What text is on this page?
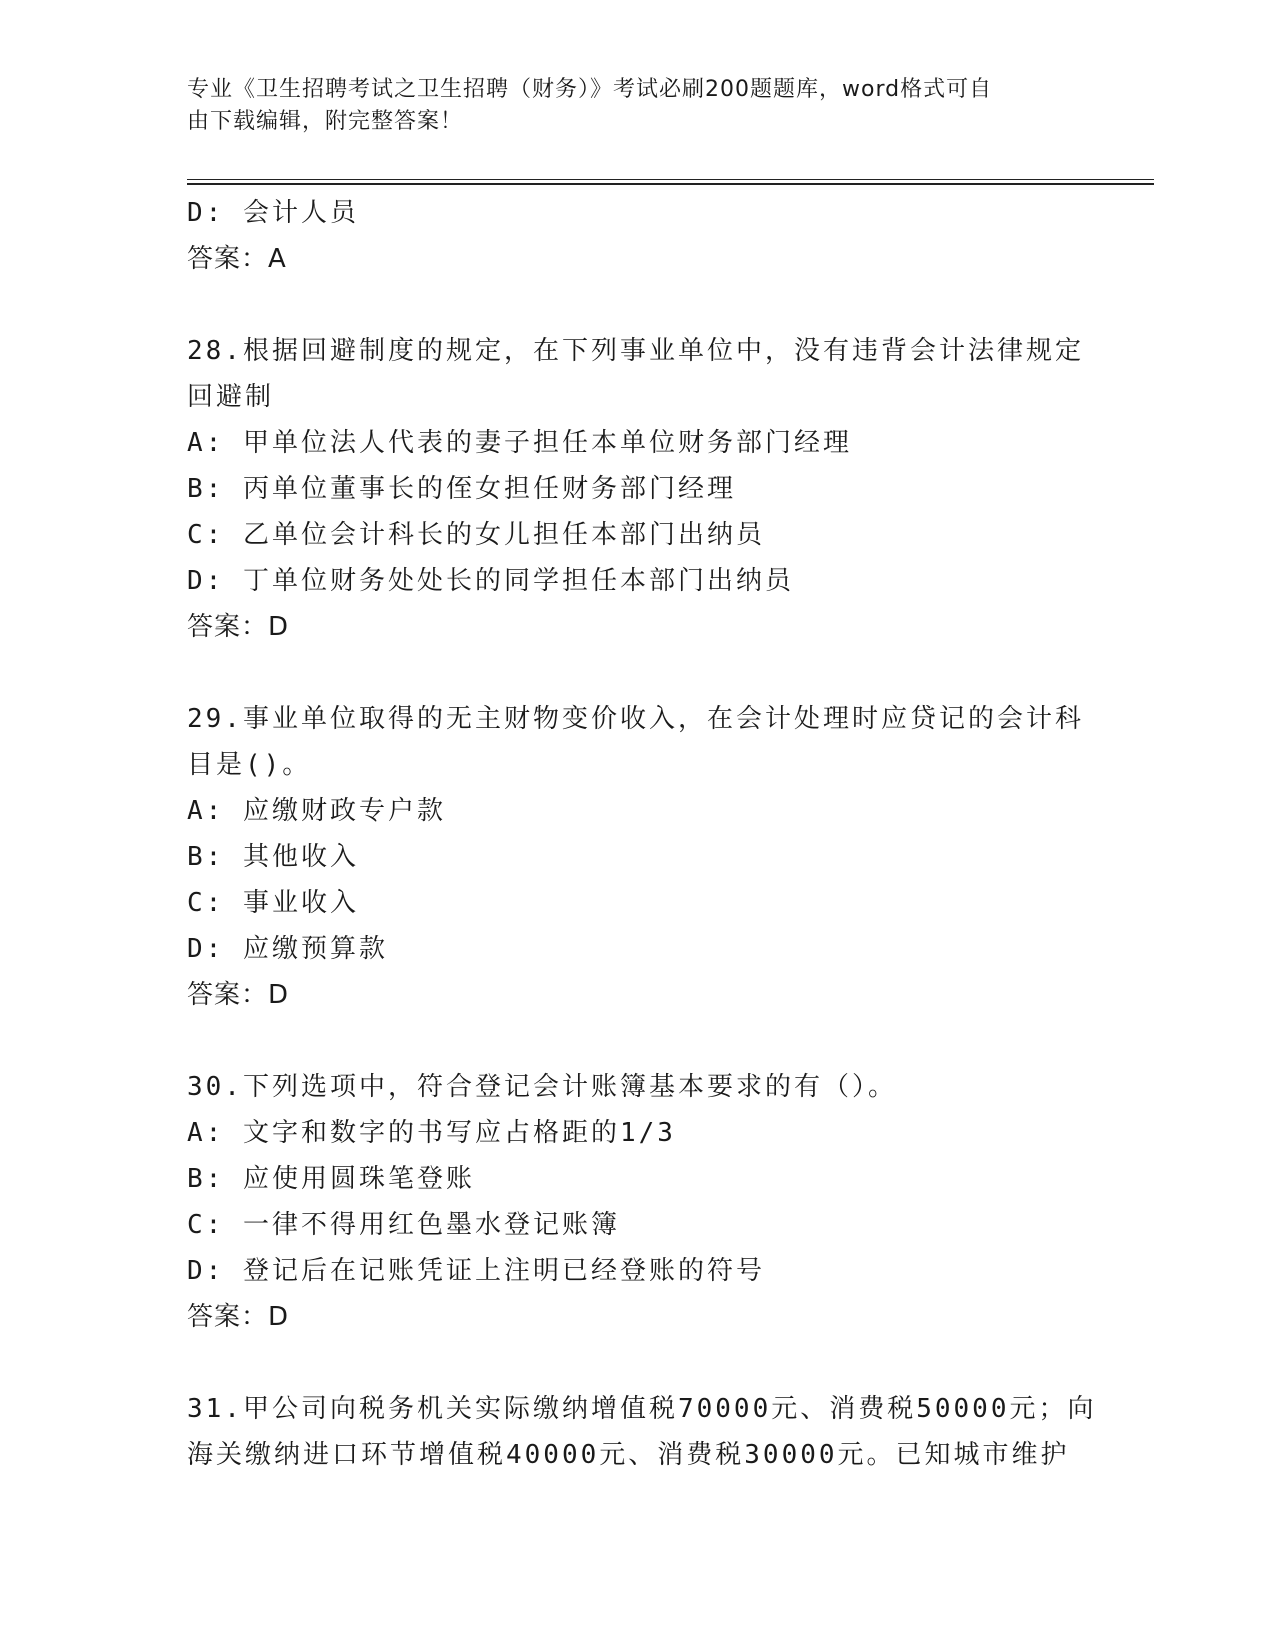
专业《卫生招聘考试之卫生招聘（财务）》考试必刷200题题库，word格式可自
由下载编辑，附完整答案！

D: 会计人员

答案：A

28.根据回避制度的规定，在下列事业单位中，没有违背会计法律规定

回避制

A: 甲单位法人代表的妻子担任本单位财务部门经理

B: 丙单位董事长的侄女担任财务部门经理

C: 乙单位会计科长的女儿担任本部门出纳员

D: 丁单位财务处处长的同学担任本部门出纳员

答案：D

29.事业单位取得的无主财物变价收入，在会计处理时应贷记的会计科

目是()。

A: 应缴财政专户款

B: 其他收入

C: 事业收入

D: 应缴预算款

答案：D

30.下列选项中，符合登记会计账簿基本要求的有（）。

A: 文字和数字的书写应占格距的1/3

B: 应使用圆珠笔登账

C: 一律不得用红色墨水登记账簿

D: 登记后在记账凭证上注明已经登账的符号

答案：D

31.甲公司向税务机关实际缴纳增值税70000元、消费税50000元；向

海关缴纳进口环节增值税40000元、消费税30000元。已知城市维护
